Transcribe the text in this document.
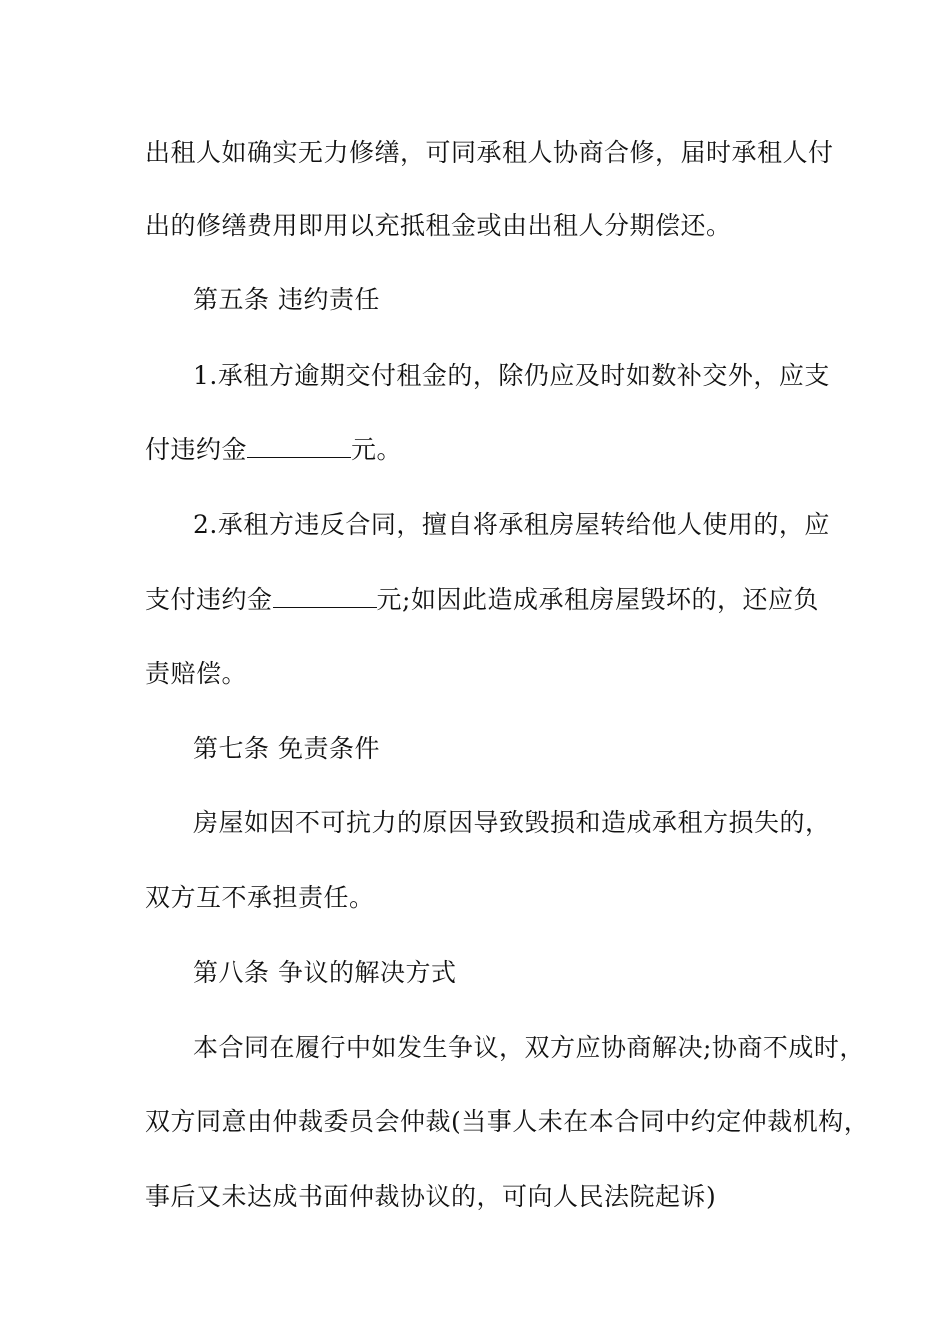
出租人如确实无力修缮，可同承租人协商合修，届时承租人付
出的修缮费用即用以充抵租金或由出租人分期偿还。
第五条 违约责任
1.承租方逾期交付租金的，除仍应及时如数补交外，应支
付违约金	元。
2.承租方违反合同，擅自将承租房屋转给他人使用的，应
支付违约金	元;如因此造成承租房屋毁坏的，还应负
责赔偿。
第七条 免责条件
房屋如因不可抗力的原因导致毁损和造成承租方损失的，
双方互不承担责任。
第八条 争议的解决方式
本合同在履行中如发生争议，双方应协商解决;协商不成时，
双方同意由仲裁委员会仲裁(当事人未在本合同中约定仲裁机构，
事后又未达成书面仲裁协议的，可向人民法院起诉)
